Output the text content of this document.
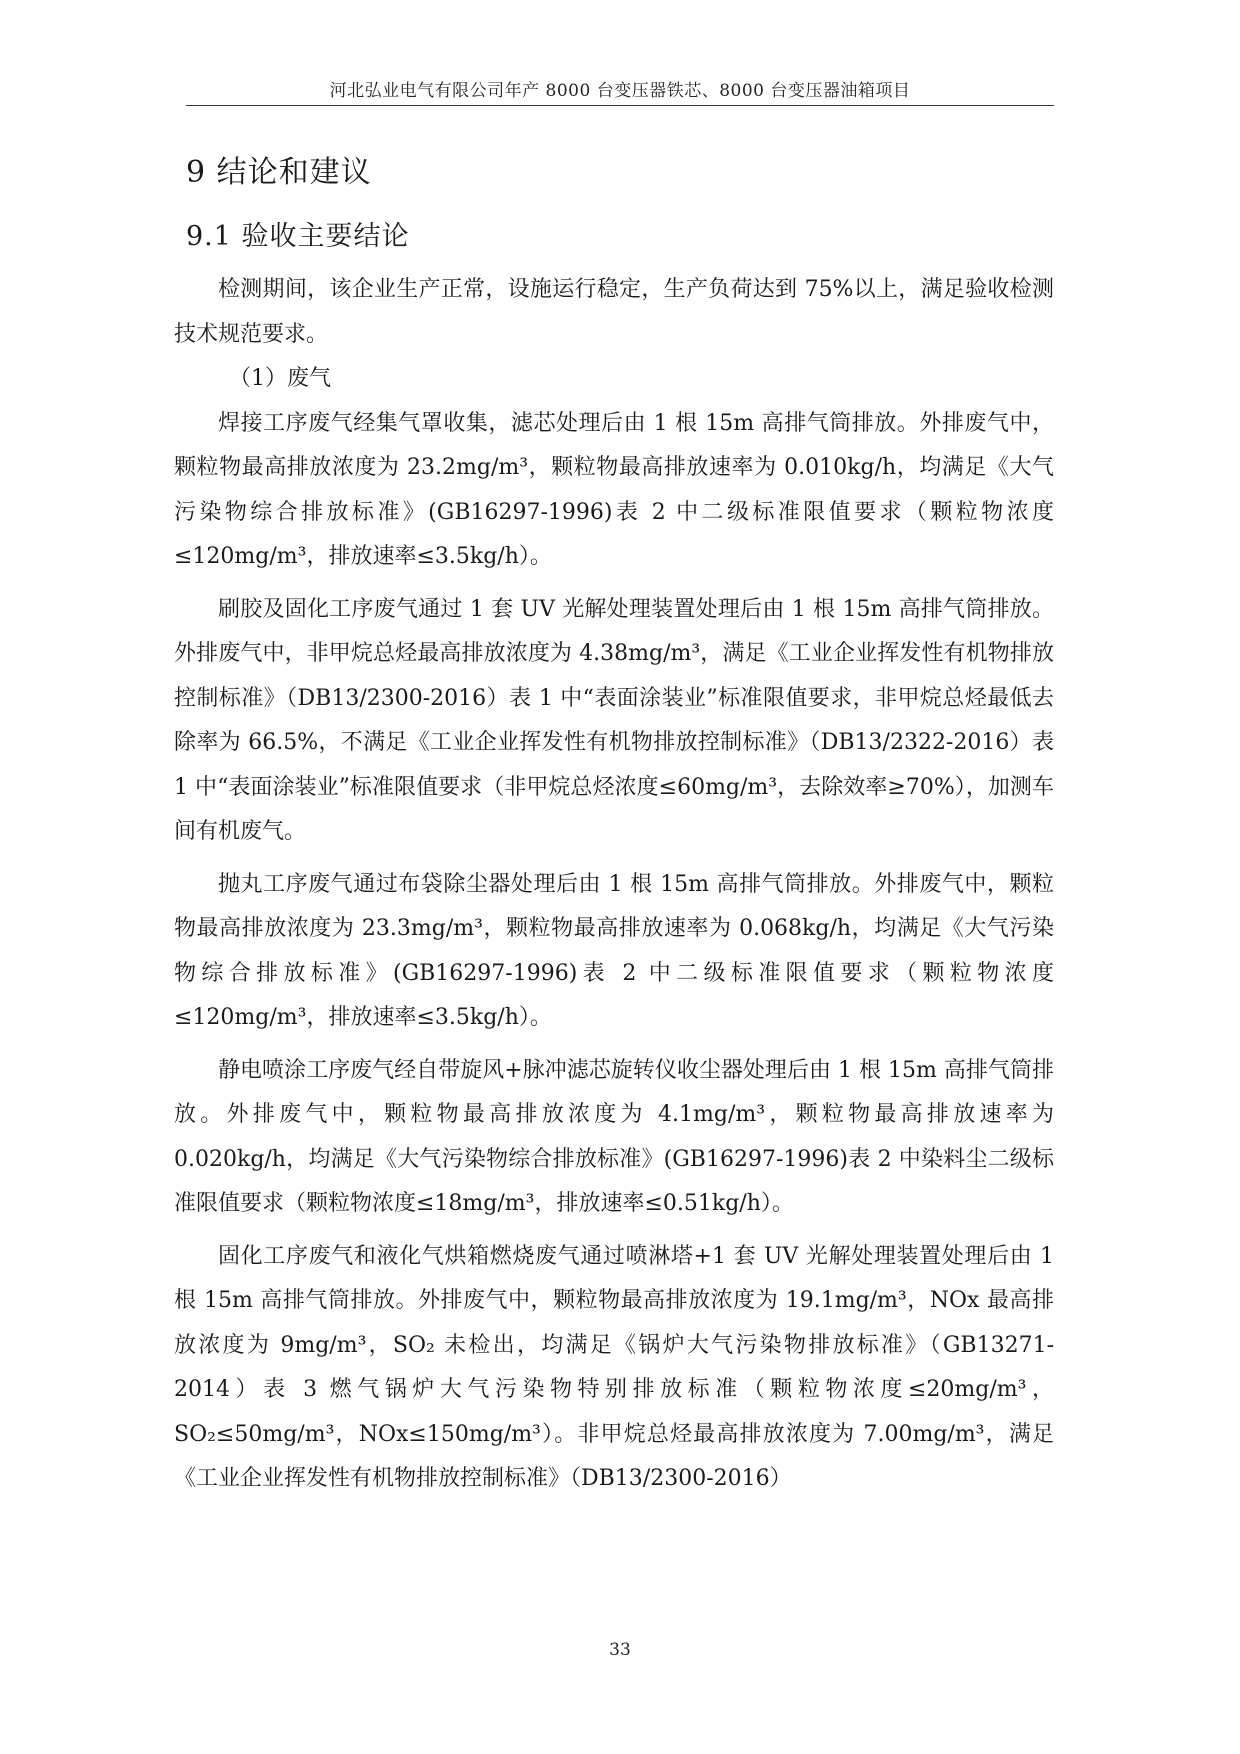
河北弘业电气有限公司年产 8000 台变压器铁芯、8000 台变压器油箱项目
9 结论和建议
9.1 验收主要结论

检测期间，该企业生产正常，设施运行稳定，生产负荷达到 75%以上，满足验收检测技术规范要求。

（1）废气

焊接工序废气经集气罩收集，滤芯处理后由 1 根 15m 高排气筒排放。外排废气中，颗粒物最高排放浓度为 23.2mg/m³，颗粒物最高排放速率为 0.010kg/h，均满足《大气污染物综合排放标准》(GB16297-1996)表 2 中二级标准限值要求（颗粒物浓度≤120mg/m³，排放速率≤3.5kg/h）。

刷胶及固化工序废气通过 1 套 UV 光解处理装置处理后由 1 根 15m 高排气筒排放。外排废气中，非甲烷总烃最高排放浓度为 4.38mg/m³，满足《工业企业挥发性有机物排放控制标准》（DB13/2300-2016）表 1 中“表面涂装业”标准限值要求，非甲烷总烃最低去除率为 66.5%，不满足《工业企业挥发性有机物排放控制标准》（DB13/2322-2016）表 1 中“表面涂装业”标准限值要求（非甲烷总烃浓度≤60mg/m³，去除效率≥70%），加测车间有机废气。

抛丸工序废气通过布袋除尘器处理后由 1 根 15m 高排气筒排放。外排废气中，颗粒物最高排放浓度为 23.3mg/m³，颗粒物最高排放速率为 0.068kg/h，均满足《大气污染物综合排放标准》(GB16297-1996)表 2 中二级标准限值要求（颗粒物浓度≤120mg/m³，排放速率≤3.5kg/h）。

静电喷涂工序废气经自带旋风+脉冲滤芯旋转仪收尘器处理后由 1 根 15m 高排气筒排放。外排废气中，颗粒物最高排放浓度为 4.1mg/m³，颗粒物最高排放速率为 0.020kg/h，均满足《大气污染物综合排放标准》(GB16297-1996)表 2 中染料尘二级标准限值要求（颗粒物浓度≤18mg/m³，排放速率≤0.51kg/h）。

固化工序废气和液化气烘箱燃烧废气通过喷淋塔+1 套 UV 光解处理装置处理后由 1 根 15m 高排气筒排放。外排废气中，颗粒物最高排放浓度为 19.1mg/m³，NOx 最高排放浓度为 9mg/m³，SO₂ 未检出，均满足《锅炉大气污染物排放标准》（GB13271-2014）表 3 燃气锅炉大气污染物特别排放标准（颗粒物浓度≤20mg/m³，SO₂≤50mg/m³，NOx≤150mg/m³）。非甲烷总烃最高排放浓度为 7.00mg/m³，满足《工业企业挥发性有机物排放控制标准》（DB13/2300-2016）

33
